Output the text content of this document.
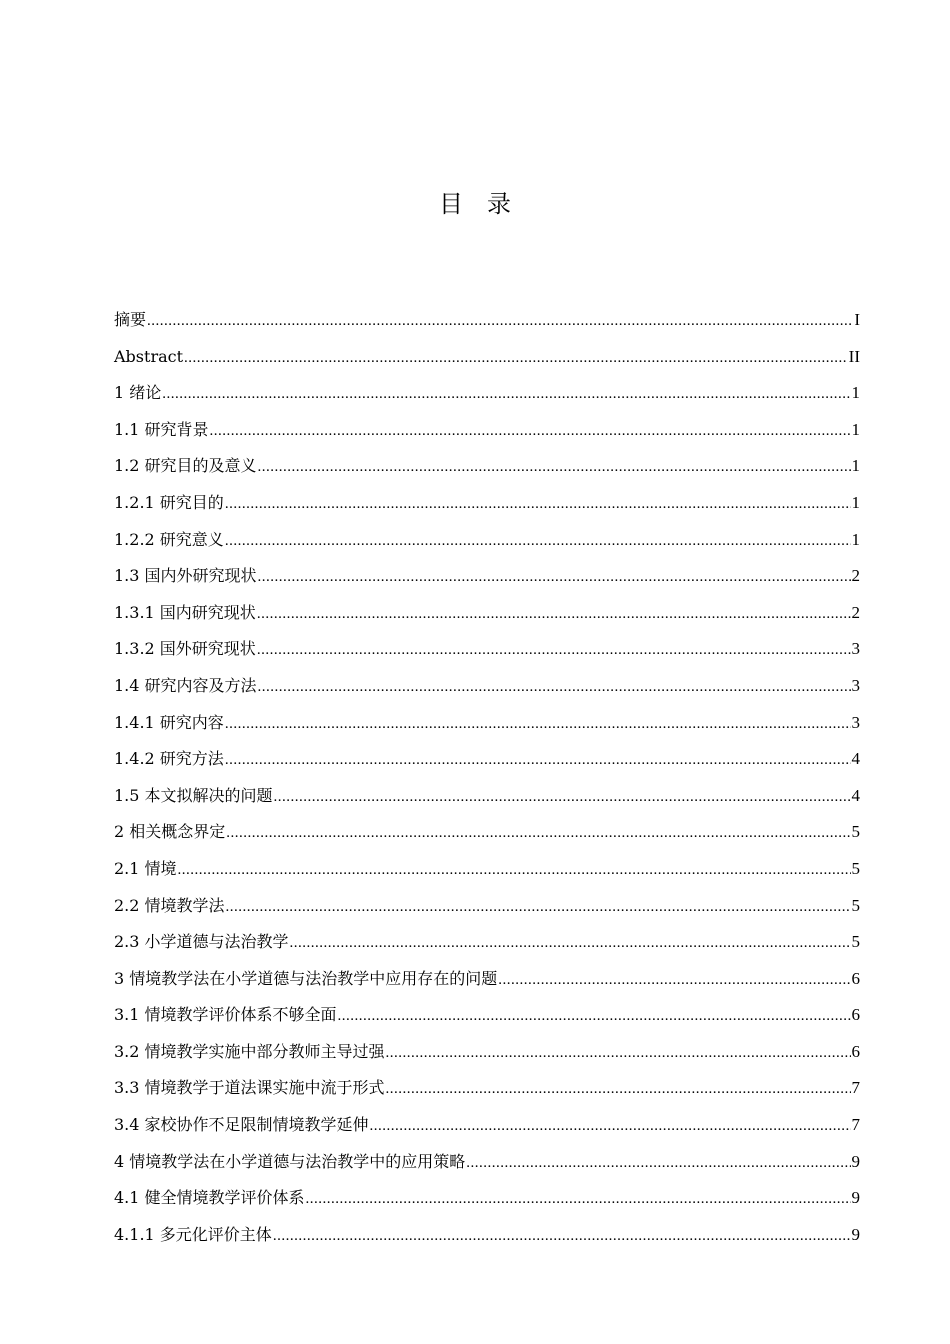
目　录
摘要 .....	I
Abstract .....	II
1 绪论 .....	1
1.1 研究背景 .....	1
1.2 研究目的及意义 .....	1
1.2.1 研究目的 .....	1
1.2.2 研究意义 .....	1
1.3 国内外研究现状 .....	2
1.3.1 国内研究现状 .....	2
1.3.2 国外研究现状 .....	3
1.4 研究内容及方法 .....	3
1.4.1 研究内容 .....	3
1.4.2 研究方法 .....	4
1.5 本文拟解决的问题 .....	4
2 相关概念界定 .....	5
2.1 情境 .....	5
2.2 情境教学法 .....	5
2.3 小学道德与法治教学 .....	5
3 情境教学法在小学道德与法治教学中应用存在的问题 .....	6
3.1 情境教学评价体系不够全面 .....	6
3.2 情境教学实施中部分教师主导过强 .....	6
3.3 情境教学于道法课实施中流于形式 .....	7
3.4 家校协作不足限制情境教学延伸 .....	7
4 情境教学法在小学道德与法治教学中的应用策略 .....	9
4.1 健全情境教学评价体系 .....	9
4.1.1 多元化评价主体 .....	9
